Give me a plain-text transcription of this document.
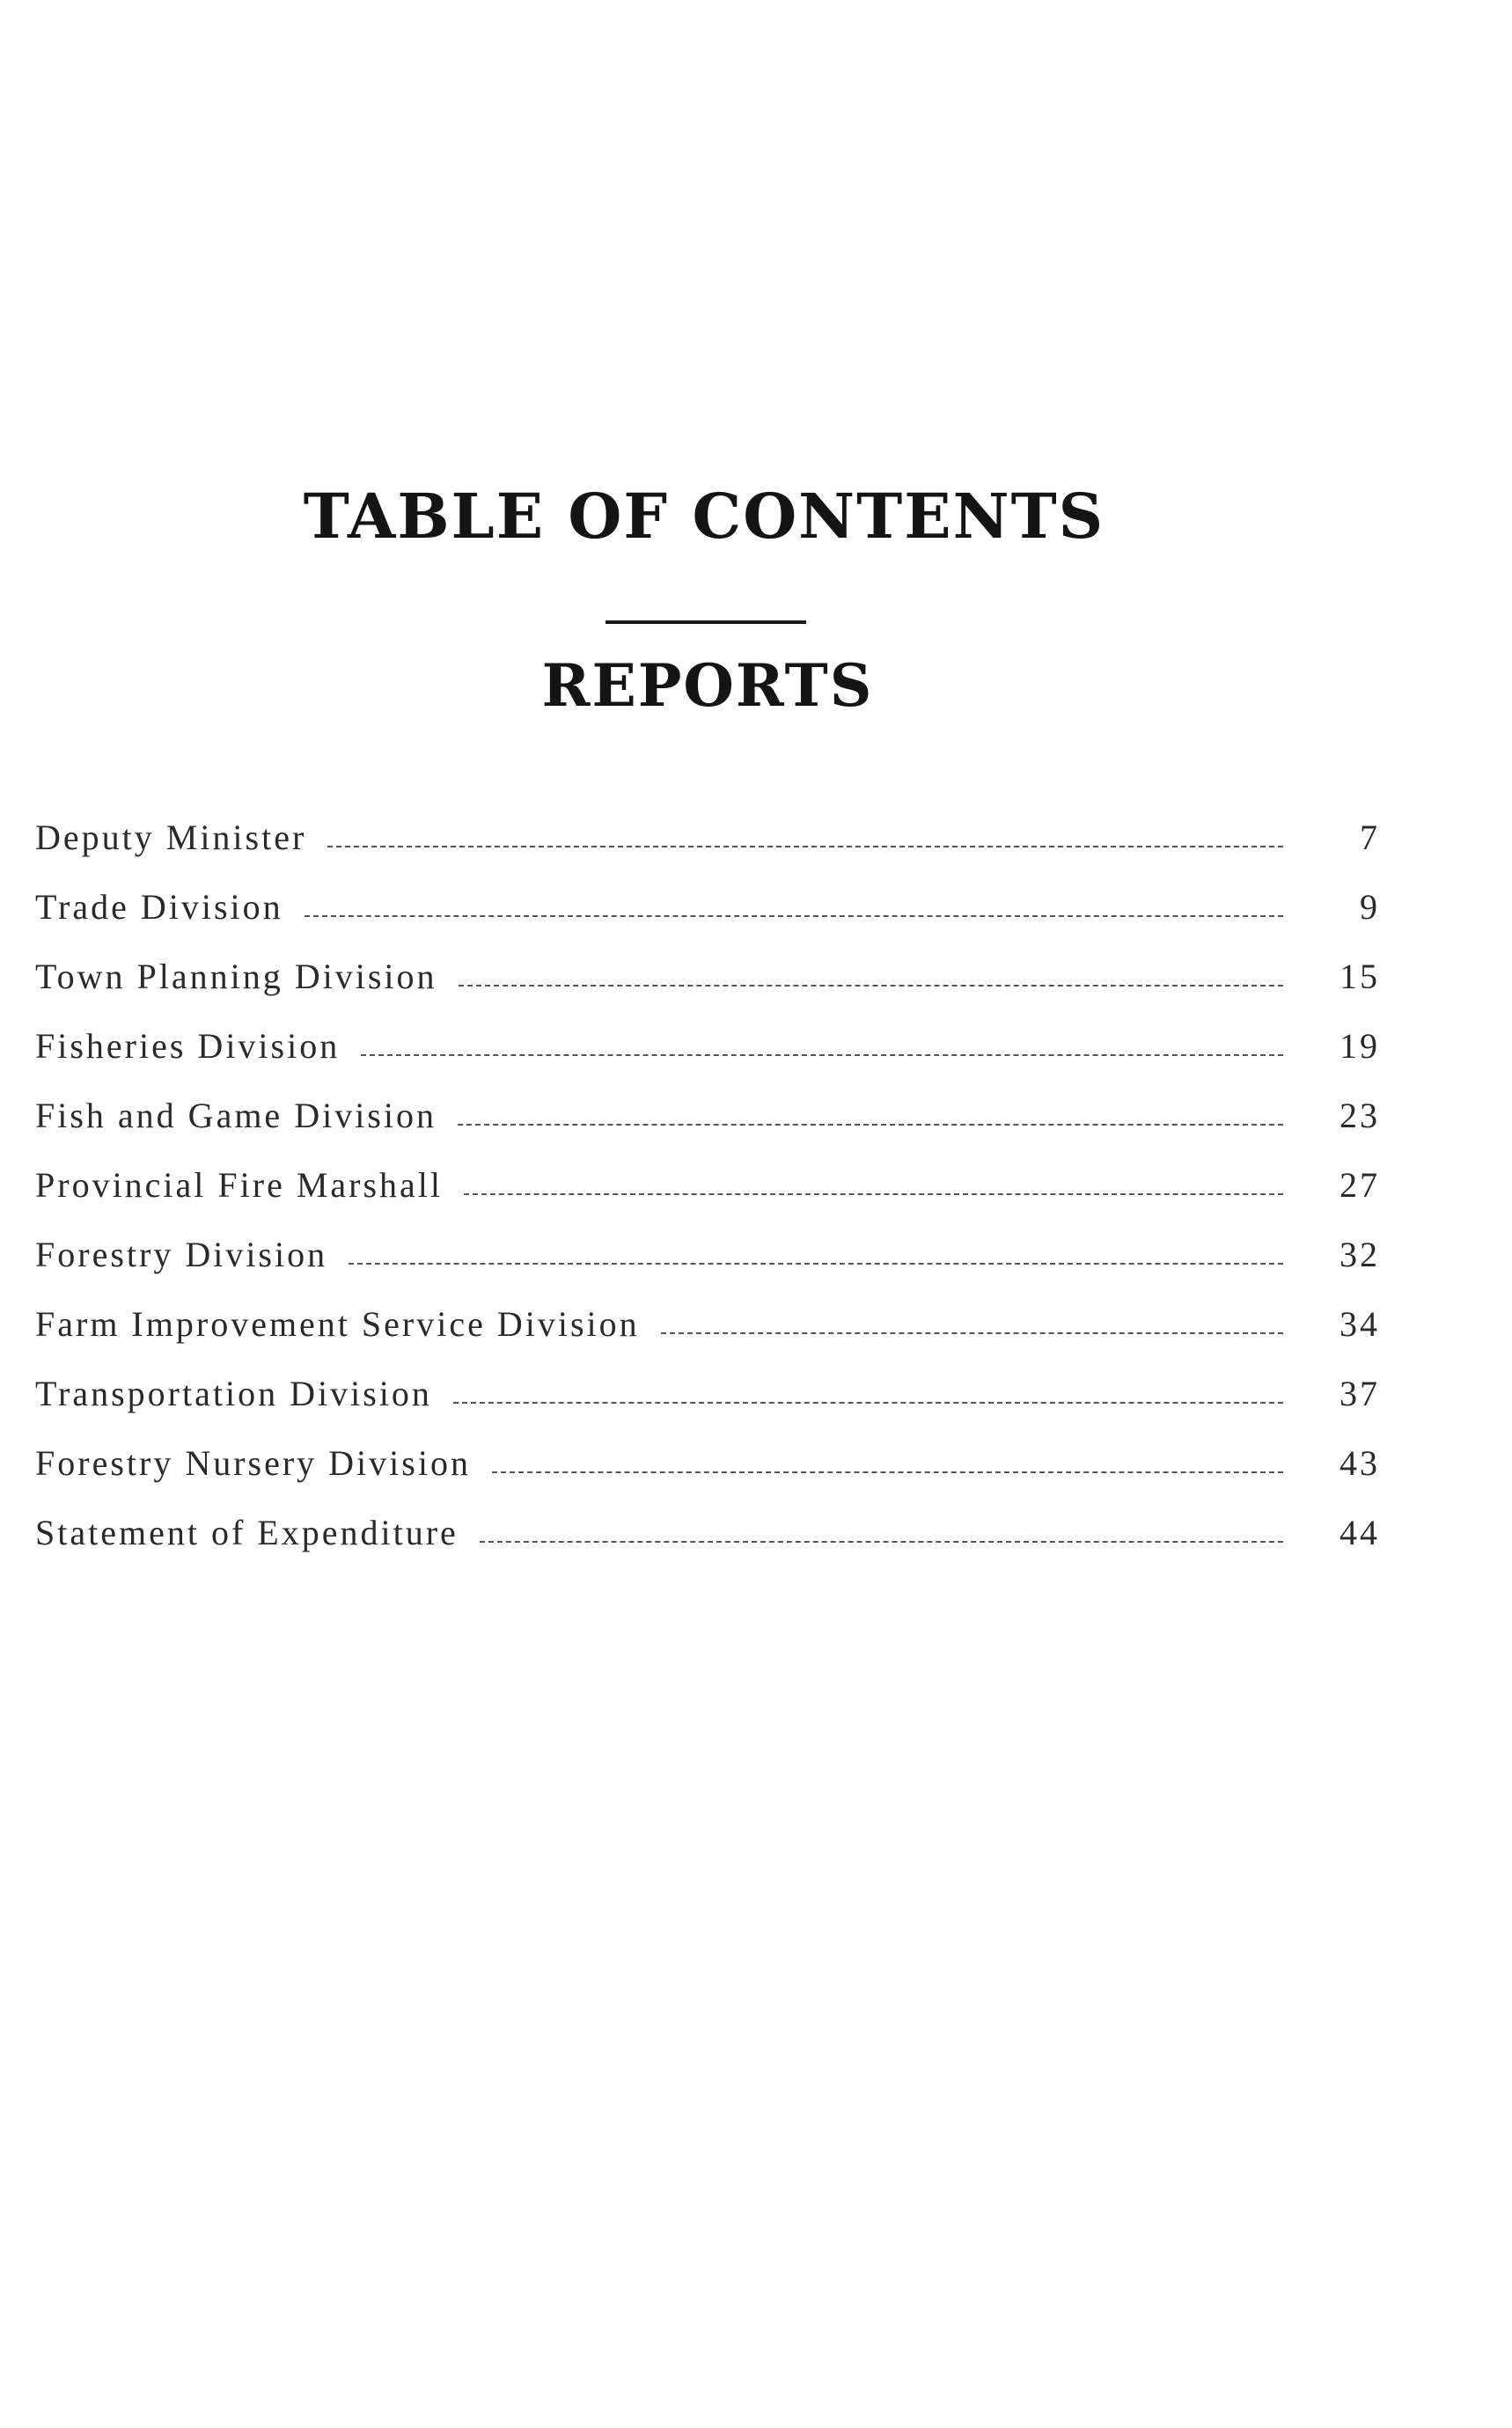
TABLE OF CONTENTS
REPORTS
Deputy Minister	7
Trade Division	9
Town Planning Division	15
Fisheries Division	19
Fish and Game Division	23
Provincial Fire Marshall	27
Forestry Division	32
Farm Improvement Service Division	34
Transportation Division	37
Forestry Nursery Division	43
Statement of Expenditure	44
